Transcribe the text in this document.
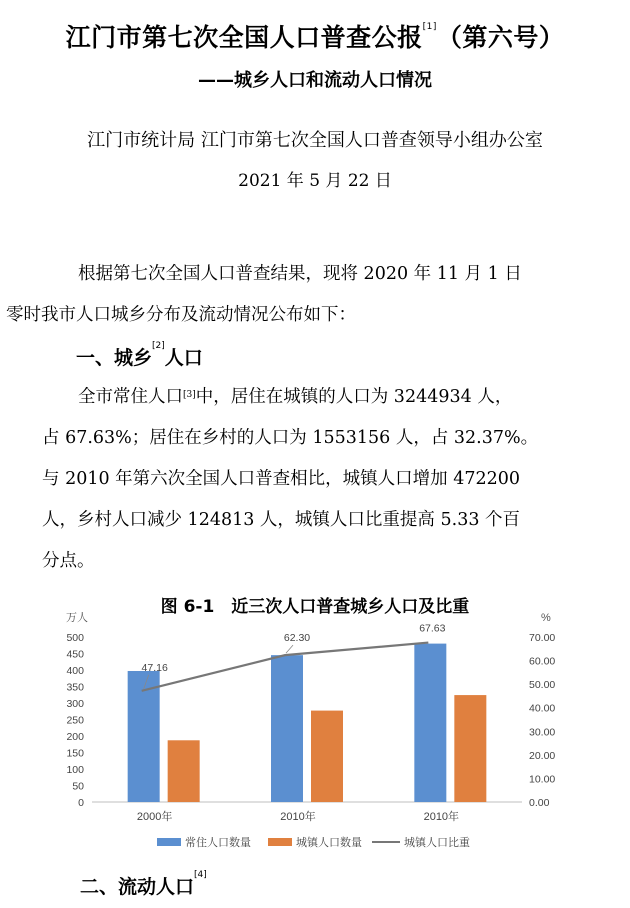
江门市第七次全国人口普查公报[1]（第六号）
——城乡人口和流动人口情况
江门市统计局 江门市第七次全国人口普查领导小组办公室
2021 年 5 月 22 日
根据第七次全国人口普查结果，现将 2020 年 11 月 1 日
零时我市人口城乡分布及流动情况公布如下：
一、城乡[2]人口
全市常住人口[3]中，居住在城镇的人口为 3244934 人，
占 67.63%；居住在乡村的人口为 1553156 人，占 32.37%。
与 2010 年第六次全国人口普查相比，城镇人口增加 472200
人，乡村人口减少 124813 人，城镇人口比重提高 5.33 个百
分点。
图 6-1　近三次人口普查城乡人口及比重
万人	%
0
50
100
150
200
250
300
350
400
450
500
0.00
10.00
20.00
30.00
40.00
50.00
60.00
70.00
2000年	2010年	2010年
47.16
62.30
67.63
常住人口数量	城镇人口数量	城镇人口比重
二、流动人口[4]
